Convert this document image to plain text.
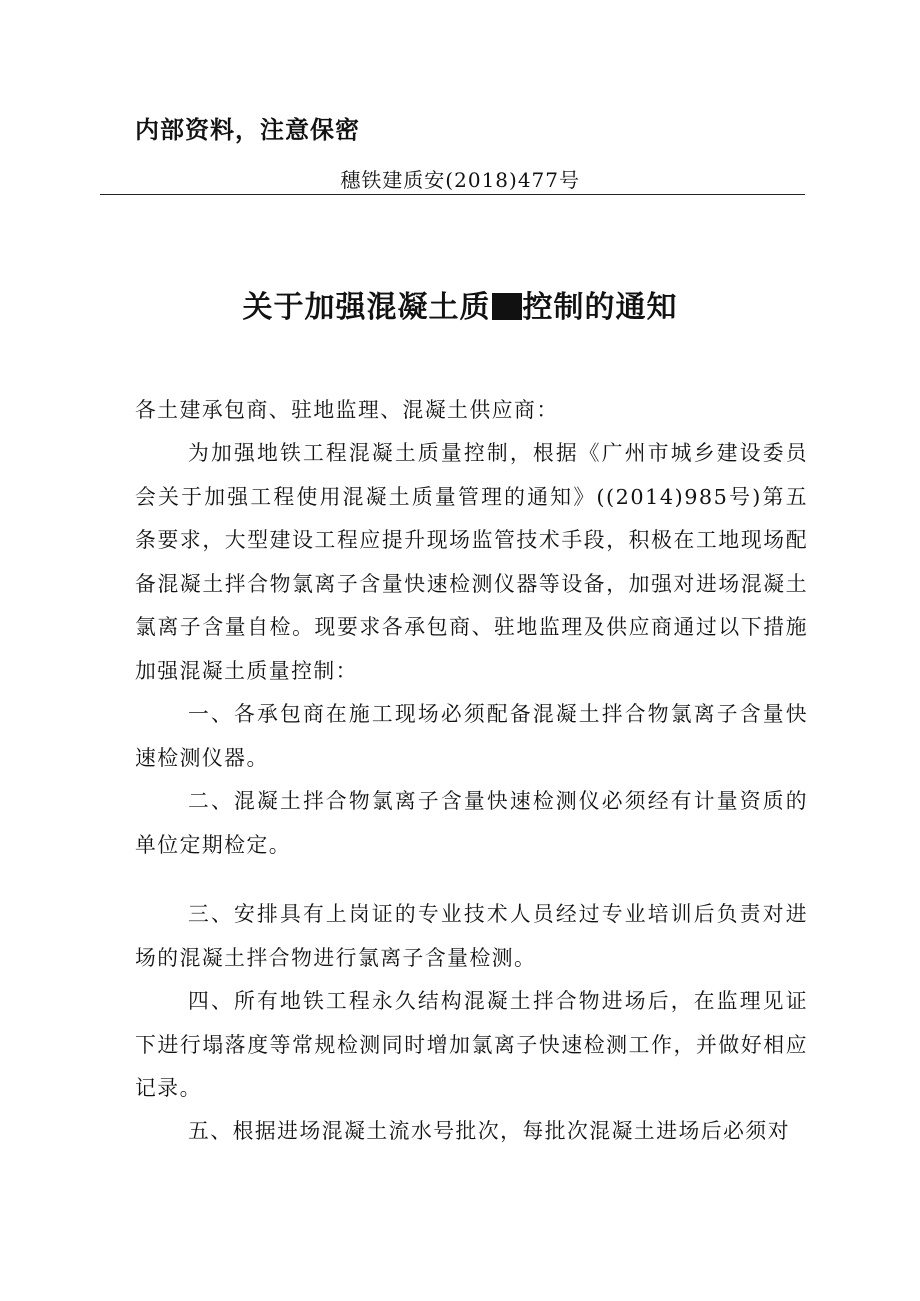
内部资料，注意保密
穗铁建质安(2018)477号
关于加强混凝土质 控制的通知

各土建承包商、驻地监理、混凝土供应商：

为加强地铁工程混凝土质量控制，根据《广州市城乡建设委员会关于加强工程使用混凝土质量管理的通知》((2014)985号)第五条要求，大型建设工程应提升现场监管技术手段，积极在工地现场配备混凝土拌合物氯离子含量快速检测仪器等设备，加强对进场混凝土氯离子含量自检。现要求各承包商、驻地监理及供应商通过以下措施加强混凝土质量控制：

一、各承包商在施工现场必须配备混凝土拌合物氯离子含量快速检测仪器。

二、混凝土拌合物氯离子含量快速检测仪必须经有计量资质的单位定期检定。

三、安排具有上岗证的专业技术人员经过专业培训后负责对进场的混凝土拌合物进行氯离子含量检测。

四、所有地铁工程永久结构混凝土拌合物进场后，在监理见证下进行塌落度等常规检测同时增加氯离子快速检测工作，并做好相应记录。

五、根据进场混凝土流水号批次，每批次混凝土进场后必须对
